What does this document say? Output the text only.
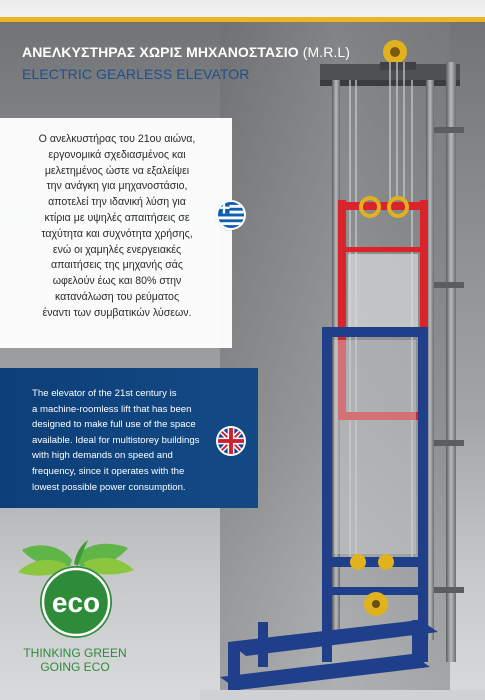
ΑΝΕΛΚΥΣΤΗΡΑΣ ΧΩΡΙΣ ΜΗΧΑΝΟΣΤΑΣΙΟ (M.R.L)
ELECTRIC GEARLESS ELEVATOR

Ο ανελκυστήρας του 21ου αιώνα,
εργονομικά σχεδιασμένος και
μελετημένος ώστε να εξαλείψει
την ανάγκη για μηχανοστάσιο,
αποτελεί την ιδανική λύση για
κτίρια με υψηλές απαιτήσεις σε
ταχύτητα και συχνότητα χρήσης,
ενώ οι χαμηλές ενεργειακές
απαιτήσεις της μηχανής σάς
ωφελούν έως και 80% στην
κατανάλωση του ρεύματος
έναντι των συμβατικών λύσεων.

The elevator of the 21st century is
a machine-roomless lift that has been
designed to make full use of the space
available. Ideal for multistorey buildings
with high demands on speed and
frequency, since it operates with the
lowest possible power consumption.

eco
THINKING GREEN
GOING ECO
